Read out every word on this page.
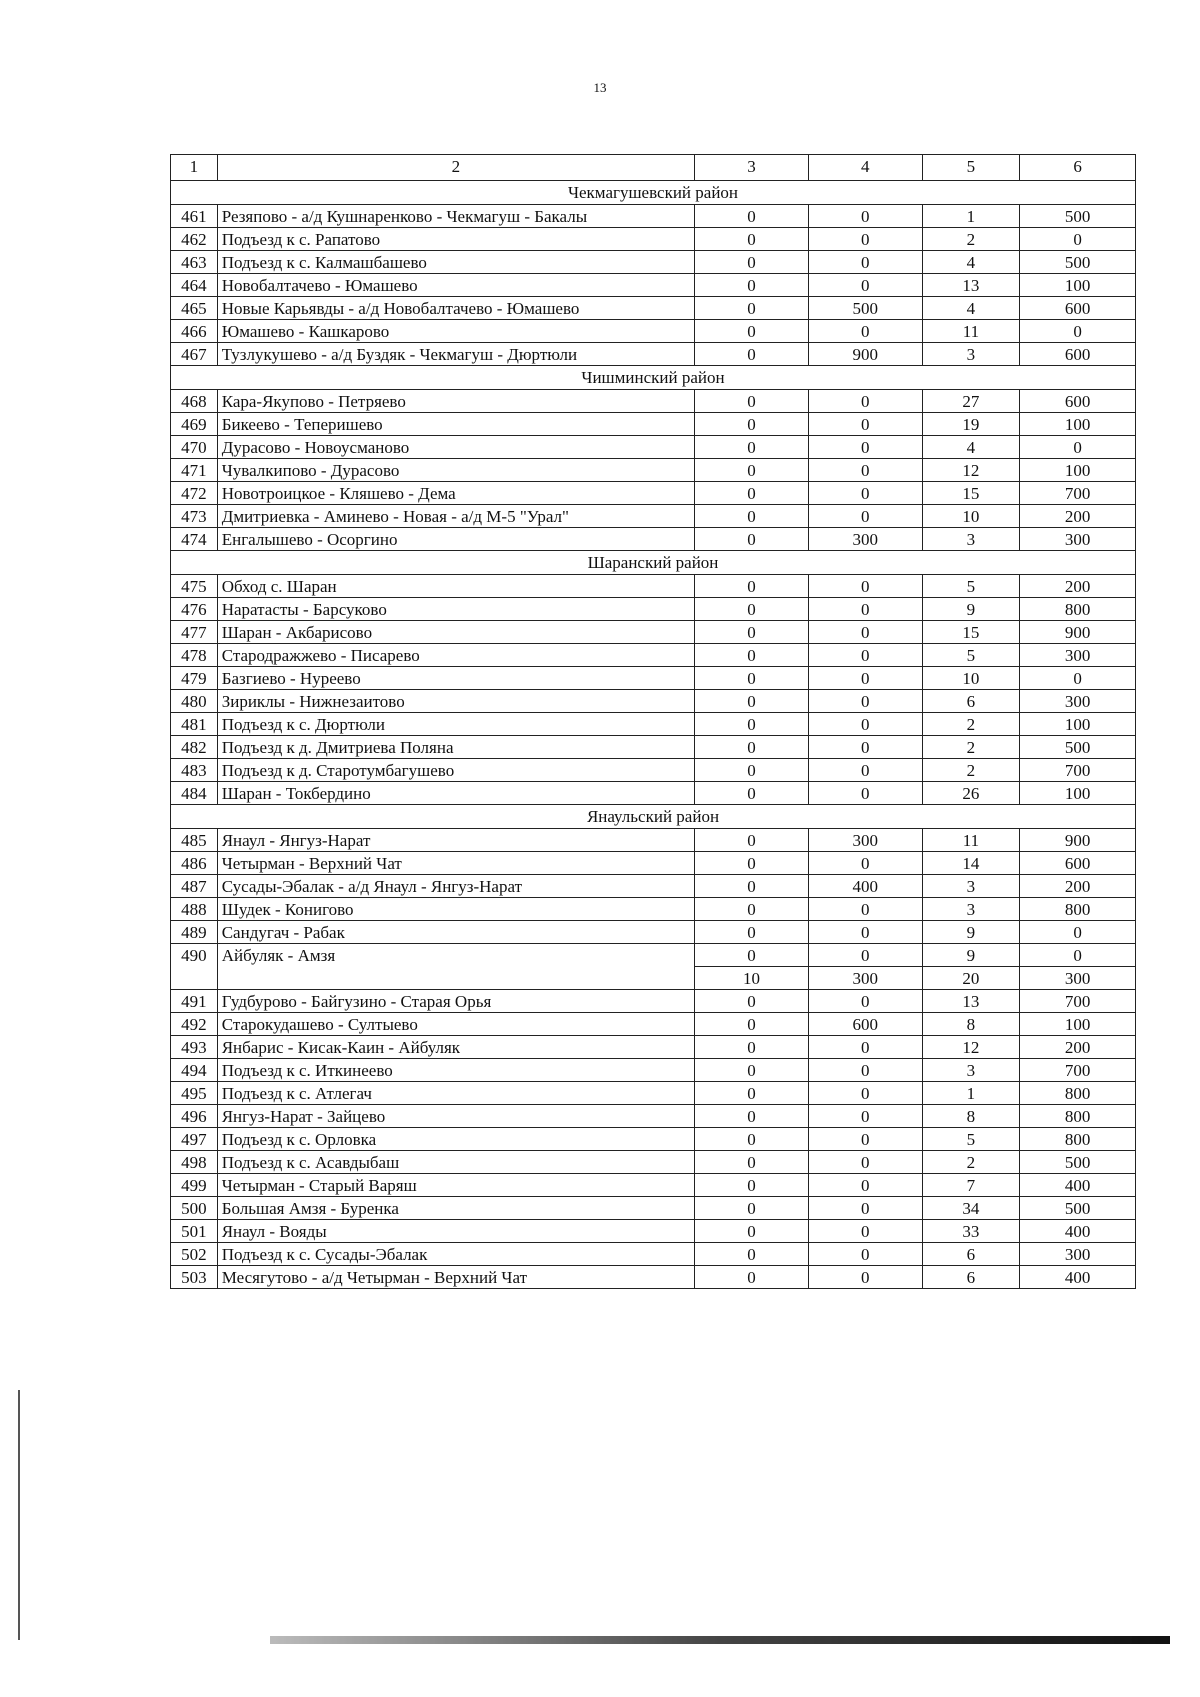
13
1	2	3	4	5	6
Чекмагушевский район					
461	Резяпово - а/д Кушнаренково - Чекмагуш - Бакалы	0	0	1	500
462	Подъезд к с. Рапатово	0	0	2	0
463	Подъезд к с. Калмашбашево	0	0	4	500
464	Новобалтачево - Юмашево	0	0	13	100
465	Новые Карьявды - а/д Новобалтачево - Юмашево	0	500	4	600
466	Юмашево - Кашкарово	0	0	11	0
467	Тузлукушево - а/д Буздяк - Чекмагуш - Дюртюли	0	900	3	600
Чишминский район					
468	Кара-Якупово - Петряево	0	0	27	600
469	Бикеево - Теперишево	0	0	19	100
470	Дурасово - Новоусманово	0	0	4	0
471	Чувалкипово - Дурасово	0	0	12	100
472	Новотроицкое - Кляшево - Дема	0	0	15	700
473	Дмитриевка - Аминево - Новая - а/д М-5 "Урал"	0	0	10	200
474	Енгалышево - Осоргино	0	300	3	300
Шаранский район					
475	Обход с. Шаран	0	0	5	200
476	Наратасты - Барсуково	0	0	9	800
477	Шаран - Акбарисово	0	0	15	900
478	Стародражжево - Писарево	0	0	5	300
479	Базгиево - Нуреево	0	0	10	0
480	Зириклы - Нижнезаитово	0	0	6	300
481	Подъезд к с. Дюртюли	0	0	2	100
482	Подъезд к д. Дмитриева Поляна	0	0	2	500
483	Подъезд к д. Старотумбагушево	0	0	2	700
484	Шаран - Токбердино	0	0	26	100
Янаульский район					
485	Янаул - Янгуз-Нарат	0	300	11	900
486	Четырман - Верхний Чат	0	0	14	600
487	Сусады-Эбалак - а/д Янаул - Янгуз-Нарат	0	400	3	200
488	Шудек - Конигово	0	0	3	800
489	Сандугач - Рабак	0	0	9	0
490	Айбуляк - Амзя	0	0	9	0
		10	300	20	300
491	Гудбурово - Байгузино - Старая Орья	0	0	13	700
492	Старокудашево - Султыево	0	600	8	100
493	Янбарис - Кисак-Каин - Айбуляк	0	0	12	200
494	Подъезд к с. Иткинеево	0	0	3	700
495	Подъезд к с. Атлегач	0	0	1	800
496	Янгуз-Нарат - Зайцево	0	0	8	800
497	Подъезд к с. Орловка	0	0	5	800
498	Подъезд к с. Асавдыбаш	0	0	2	500
499	Четырман - Старый Варяш	0	0	7	400
500	Большая Амзя - Буренка	0	0	34	500
501	Янаул - Вояды	0	0	33	400
502	Подъезд к с. Сусады-Эбалак	0	0	6	300
503	Месягутово - а/д Четырман - Верхний Чат	0	0	6	400
